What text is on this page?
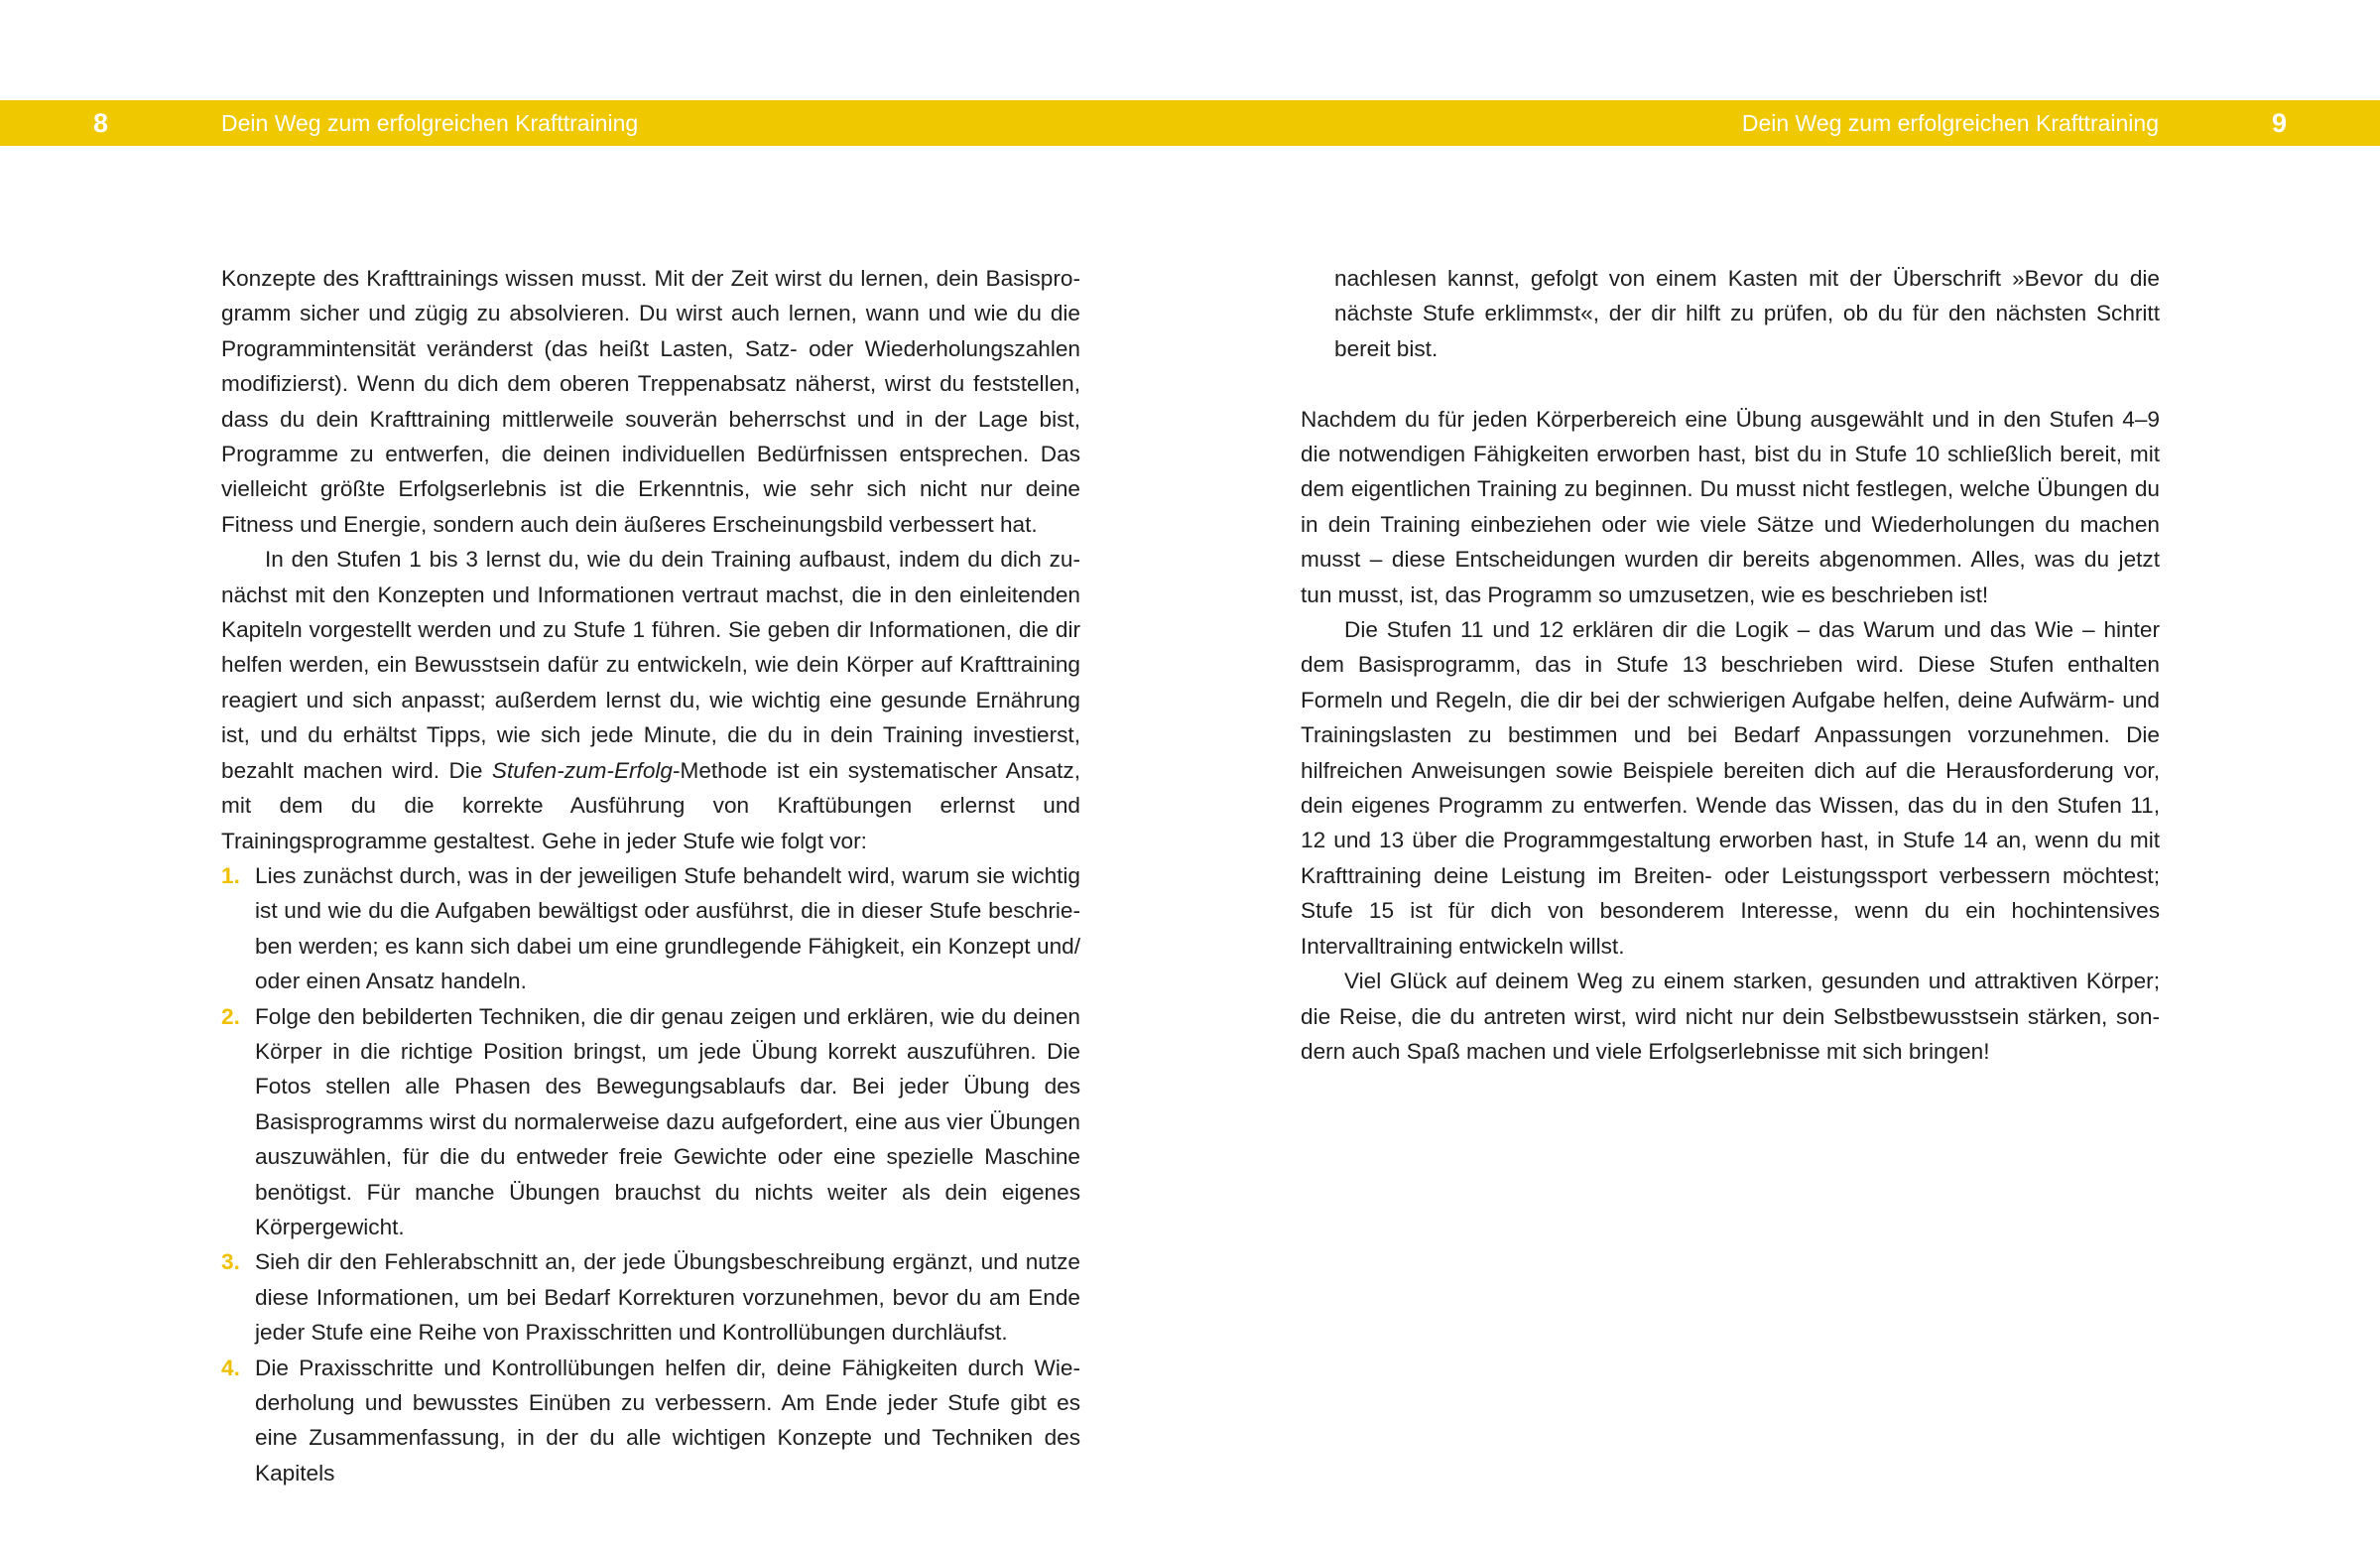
8	Dein Weg zum erfolgreichen Krafttraining	Dein Weg zum erfolgreichen Krafttraining	9

Konzepte des Krafttrainings wissen musst. Mit der Zeit wirst du lernen, dein Basisprogramm sicher und zügig zu absolvieren. Du wirst auch lernen, wann und wie du die Programmintensität veränderst (das heißt Lasten, Satz- oder Wiederholungszahlen modifizierst). Wenn du dich dem oberen Treppenabsatz näherst, wirst du feststellen, dass du dein Krafttraining mittlerweile souverän beherrschst und in der Lage bist, Programme zu entwerfen, die deinen individuellen Bedürfnissen entsprechen. Das vielleicht größte Erfolgserlebnis ist die Erkenntnis, wie sehr sich nicht nur deine Fitness und Energie, sondern auch dein äußeres Erscheinungsbild verbessert hat.

In den Stufen 1 bis 3 lernst du, wie du dein Training aufbaust, indem du dich zunächst mit den Konzepten und Informationen vertraut machst, die in den einleitenden Kapiteln vorgestellt werden und zu Stufe 1 führen. Sie geben dir Informationen, die dir helfen werden, ein Bewusstsein dafür zu entwickeln, wie dein Körper auf Krafttraining reagiert und sich anpasst; außerdem lernst du, wie wichtig eine gesunde Ernährung ist, und du erhältst Tipps, wie sich jede Minute, die du in dein Training investierst, bezahlt machen wird. Die Stufen-zum-Erfolg-Methode ist ein systematischer Ansatz, mit dem du die korrekte Ausführung von Kraftübungen erlernst und Trainingsprogramme gestaltest. Gehe in jeder Stufe wie folgt vor:

1. Lies zunächst durch, was in der jeweiligen Stufe behandelt wird, warum sie wichtig ist und wie du die Aufgaben bewältigst oder ausführst, die in dieser Stufe beschrieben werden; es kann sich dabei um eine grundlegende Fähigkeit, ein Konzept und/ oder einen Ansatz handeln.
2. Folge den bebilderten Techniken, die dir genau zeigen und erklären, wie du deinen Körper in die richtige Position bringst, um jede Übung korrekt auszuführen. Die Fotos stellen alle Phasen des Bewegungsablaufs dar. Bei jeder Übung des Basisprogramms wirst du normalerweise dazu aufgefordert, eine aus vier Übungen auszuwählen, für die du entweder freie Gewichte oder eine spezielle Maschine benötigst. Für manche Übungen brauchst du nichts weiter als dein eigenes Körpergewicht.
3. Sieh dir den Fehlerabschnitt an, der jede Übungsbeschreibung ergänzt, und nutze diese Informationen, um bei Bedarf Korrekturen vorzunehmen, bevor du am Ende jeder Stufe eine Reihe von Praxisschritten und Kontrollübungen durchläufst.
4. Die Praxisschritte und Kontrollübungen helfen dir, deine Fähigkeiten durch Wiederholung und bewusstes Einüben zu verbessern. Am Ende jeder Stufe gibt es eine Zusammenfassung, in der du alle wichtigen Konzepte und Techniken des Kapitels

nachlesen kannst, gefolgt von einem Kasten mit der Überschrift »Bevor du die nächste Stufe erklimmst«, der dir hilft zu prüfen, ob du für den nächsten Schritt bereit bist.

Nachdem du für jeden Körperbereich eine Übung ausgewählt und in den Stufen 4–9 die notwendigen Fähigkeiten erworben hast, bist du in Stufe 10 schließlich bereit, mit dem eigentlichen Training zu beginnen. Du musst nicht festlegen, welche Übungen du in dein Training einbeziehen oder wie viele Sätze und Wiederholungen du machen musst – diese Entscheidungen wurden dir bereits abgenommen. Alles, was du jetzt tun musst, ist, das Programm so umzusetzen, wie es beschrieben ist!

Die Stufen 11 und 12 erklären dir die Logik – das Warum und das Wie – hinter dem Basisprogramm, das in Stufe 13 beschrieben wird. Diese Stufen enthalten Formeln und Regeln, die dir bei der schwierigen Aufgabe helfen, deine Aufwärm- und Trainingslasten zu bestimmen und bei Bedarf Anpassungen vorzunehmen. Die hilfreichen Anweisungen sowie Beispiele bereiten dich auf die Herausforderung vor, dein eigenes Programm zu entwerfen. Wende das Wissen, das du in den Stufen 11, 12 und 13 über die Programmgestaltung erworben hast, in Stufe 14 an, wenn du mit Krafttraining deine Leistung im Breiten- oder Leistungssport verbessern möchtest; Stufe 15 ist für dich von besonderem Interesse, wenn du ein hochintensives Intervalltraining entwickeln willst.

Viel Glück auf deinem Weg zu einem starken, gesunden und attraktiven Körper; die Reise, die du antreten wirst, wird nicht nur dein Selbstbewusstsein stärken, sondern auch Spaß machen und viele Erfolgserlebnisse mit sich bringen!
